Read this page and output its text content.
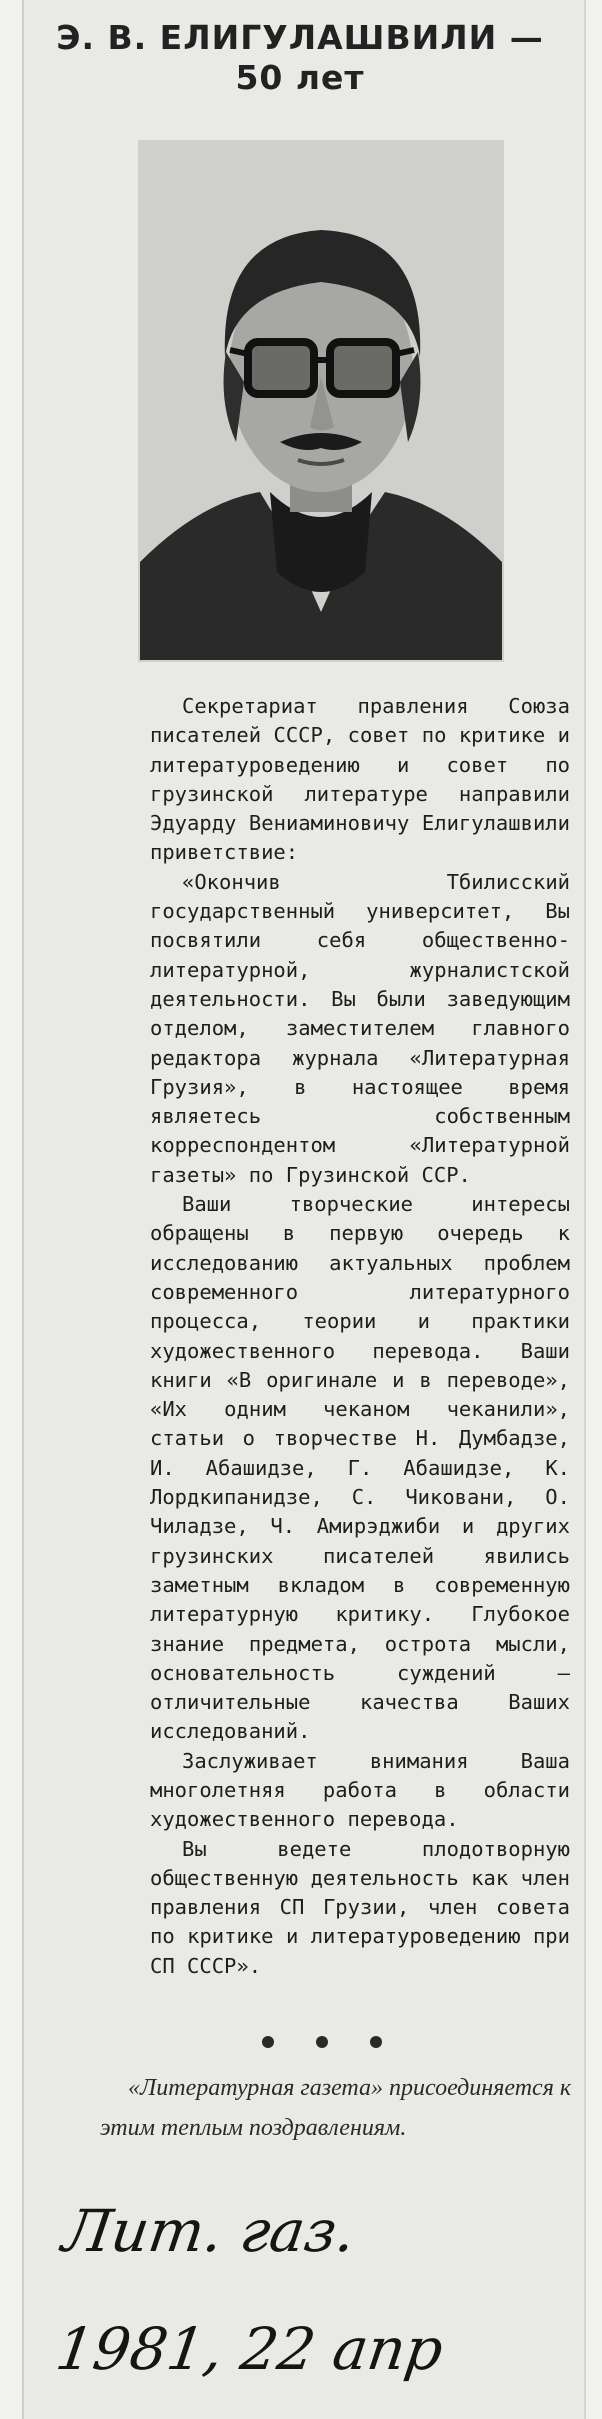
Э. В. ЕЛИГУЛАШВИЛИ —
50 лет

Секретариат правления Союза писателей СССР, совет по критике и литературоведению и совет по грузинской литературе направили Эдуарду Вениаминовичу Елигулашвили приветствие:

«Окончив Тбилисский государственный университет, Вы посвятили себя общественно-литературной, журналистской деятельности. Вы были заведующим отделом, заместителем главного редактора журнала «Литературная Грузия», в настоящее время являетесь собственным корреспондентом «Литературной газеты» по Грузинской ССР.

Ваши творческие интересы обращены в первую очередь к исследованию актуальных проблем современного литературного процесса, теории и практики художественного перевода. Ваши книги «В оригинале и в переводе», «Их одним чеканом чеканили», статьи о творчестве Н. Думбадзе, И. Абашидзе, Г. Абашидзе, К. Лордкипанидзе, С. Чиковани, О. Чиладзе, Ч. Амирэджиби и других грузинских писателей явились заметным вкладом в современную литературную критику. Глубокое знание предмета, острота мысли, основательность суждений — отличительные качества Ваших исследований.

Заслуживает внимания Ваша многолетняя работа в области художественного перевода.

Вы ведете плодотворную общественную деятельность как член правления СП Грузии, член совета по критике и литературоведению при СП СССР».

«Литературная газета» присоединяется к этим теплым поздравлениям.
Лит. газ.
1981, 22 апр
